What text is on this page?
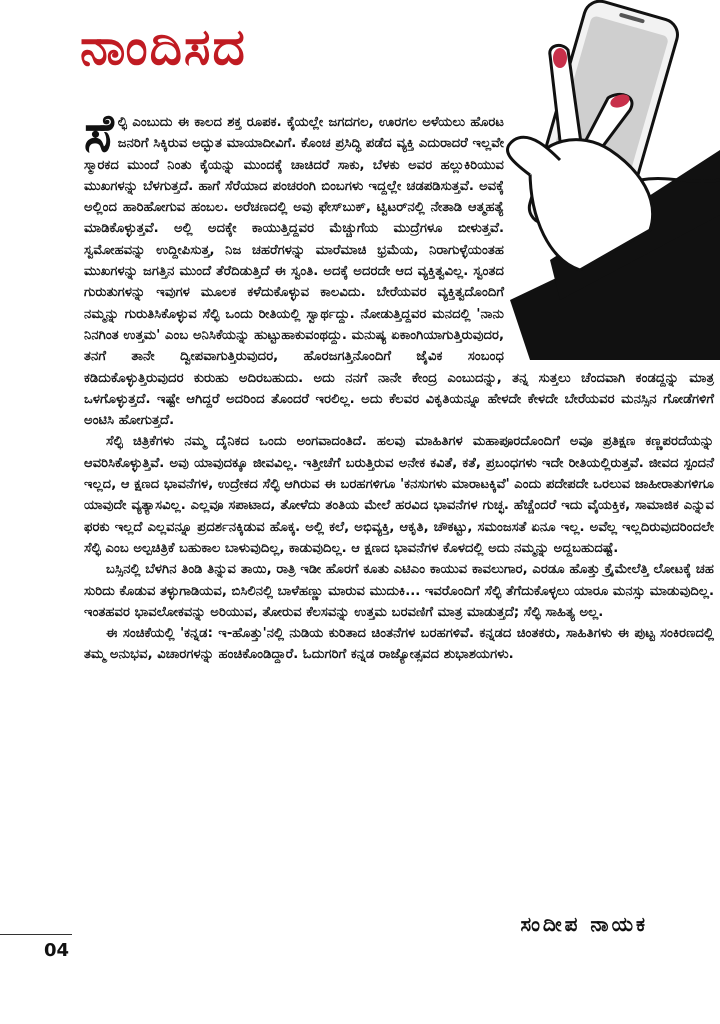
ನಾಂದಿಸದ

ಸೆಲ್ಫಿ ಎಂಬುದು ಈ ಕಾಲದ ಶಕ್ತ ರೂಪಕ. ಕೈಯಲ್ಲೇ ಜಗದಗಲ, ಊರಗಲ ಅಳೆಯಲು ಹೊರಟ ಜನರಿಗೆ ಸಿಕ್ಕಿರುವ ಅದ್ಭುತ ಮಾಯಾದೀವಿಗೆ. ಕೊಂಚ ಪ್ರಸಿದ್ಧಿ ಪಡೆದ ವ್ಯಕ್ತಿ ಎದುರಾದರೆ ಇಲ್ಲವೇ ಸ್ಮಾರಕದ ಮುಂದೆ ನಿಂತು ಕೈಯನ್ನು ಮುಂದಕ್ಕೆ ಚಾಚಿದರೆ ಸಾಕು, ಬೆಳಕು ಅವರ ಹಲ್ಲುಕಿರಿಯುವ ಮುಖಗಳನ್ನು ಬೆಳಗುತ್ತದೆ. ಹಾಗೆ ಸೆರೆಯಾದ ಪಂಚರಂಗಿ ಬಿಂಬಗಳು ಇದ್ದಲ್ಲೇ ಚಡಪಡಿಸುತ್ತವೆ. ಅವಕ್ಕೆ ಅಲ್ಲಿಂದ ಹಾರಿಹೋಗುವ ಹಂಬಲ. ಅರೆಚಣದಲ್ಲಿ ಅವು ಫೇಸ್‌ಬುಕ್, ಟ್ವಿಟರ್‌ನಲ್ಲಿ ನೇತಾಡಿ ಆತ್ಮಹತ್ಯೆ ಮಾಡಿಕೊಳ್ಳುತ್ತವೆ. ಅಲ್ಲಿ ಅದಕ್ಕೇ ಕಾಯುತ್ತಿದ್ದವರ ಮೆಚ್ಚುಗೆಯ ಮುದ್ರೆಗಳೂ ಬೀಳುತ್ತವೆ. ಸ್ವಮೋಹವನ್ನು ಉದ್ದೀಪಿಸುತ್ತ, ನಿಜ ಚಹರೆಗಳನ್ನು ಮಾರೆಮಾಚಿ ಭ್ರಮೆಯ, ನಿರಾಗುಳ್ಳೆಯಂತಹ ಮುಖಗಳನ್ನು ಜಗತ್ತಿನ ಮುಂದೆ ತೆರೆದಿಡುತ್ತಿದೆ ಈ ಸ್ವಂತಿ. ಅದಕ್ಕೆ ಅದರದೇ ಆದ ವ್ಯಕ್ತಿತ್ವವಿಲ್ಲ. ಸ್ವಂತದ ಗುರುತುಗಳನ್ನು ಇವುಗಳ ಮೂಲಕ ಕಳೆದುಕೊಳ್ಳುವ ಕಾಲವಿದು. ಬೇರೆಯವರ ವ್ಯಕ್ತಿತ್ವದೊಂದಿಗೆ ನಮ್ಮನ್ನು ಗುರುತಿಸಿಕೊಳ್ಳುವ ಸೆಲ್ಫಿ ಒಂದು ರೀತಿಯಲ್ಲಿ ಸ್ವಾರ್ಥದ್ದು. ನೋಡುತ್ತಿದ್ದವರ ಮನದಲ್ಲಿ 'ನಾನು ನಿನಗಿಂತ ಉತ್ತಮ' ಎಂಬ ಅನಿಸಿಕೆಯನ್ನು ಹುಟ್ಟುಹಾಕುವಂಥದ್ದು. ಮನುಷ್ಯ ಏಕಾಂಗಿಯಾಗುತ್ತಿರುವುದರ, ತನಗೆ ತಾನೇ ದ್ವೀಪವಾಗುತ್ತಿರುವುದರ, ಹೊರಜಗತ್ತಿನೊಂದಿಗೆ ಜೈವಿಕ ಸಂಬಂಧ ಕಡಿದುಕೊಳ್ಳುತ್ತಿರುವುದರ ಕುರುಹು ಅದಿರಬಹುದು. ಅದು ನನಗೆ ನಾನೇ ಕೇಂದ್ರ ಎಂಬುದನ್ನು, ತನ್ನ ಸುತ್ತಲು ಚೆಂದವಾಗಿ ಕಂಡದ್ದನ್ನು ಮಾತ್ರ ಒಳಗೊಳ್ಳುತ್ತದೆ. ಇಷ್ಟೇ ಆಗಿದ್ದರೆ ಅದರಿಂದ ತೊಂದರೆ ಇರಲಿಲ್ಲ. ಅದು ಕೆಲವರ ವಿಕೃತಿಯನ್ನೂ ಹೇಳದೇ ಕೇಳದೇ ಬೇರೆಯವರ ಮನಸ್ಸಿನ ಗೋಡೆಗಳಿಗೆ ಅಂಟಿಸಿ ಹೋಗುತ್ತದೆ.

ಸೆಲ್ಫಿ ಚಿತ್ರಿಕೆಗಳು ನಮ್ಮ ದೈನಿಕದ ಒಂದು ಅಂಗವಾದಂತಿದೆ. ಹಲವು ಮಾಹಿತಿಗಳ ಮಹಾಪೂರದೊಂದಿಗೆ ಅವೂ ಪ್ರತಿಕ್ಷಣ ಕಣ್ಣಪರದೆಯನ್ನು ಆವರಿಸಿಕೊಳ್ಳುತ್ತಿವೆ. ಅವು ಯಾವುದಕ್ಕೂ ಜೀವವಿಲ್ಲ. ಇತ್ತೀಚೆಗೆ ಬರುತ್ತಿರುವ ಅನೇಕ ಕವಿತೆ, ಕತೆ, ಪ್ರಬಂಧಗಳು ಇದೇ ರೀತಿಯಲ್ಲಿರುತ್ತವೆ. ಜೀವದ ಸ್ಪಂದನೆ ಇಲ್ಲದ, ಆ ಕ್ಷಣದ ಭಾವನೆಗಳ, ಉದ್ರೇಕದ ಸೆಲ್ಫಿ ಆಗಿರುವ ಈ ಬರಹಗಳಿಗೂ 'ಕನಸುಗಳು ಮಾರಾಟಕ್ಕಿವೆ' ಎಂದು ಪದೇಪದೇ ಒರಲುವ ಜಾಹೀರಾತುಗಳಿಗೂ ಯಾವುದೇ ವ್ಯತ್ಯಾಸವಿಲ್ಲ. ಎಲ್ಲವೂ ಸಪಾಟಾದ, ತೋಳೆದು ತಂತಿಯ ಮೇಲೆ ಹರವಿದ ಭಾವನೆಗಳ ಗುಚ್ಛ. ಹೆಚ್ಚೆಂದರೆ ಇದು ವೈಯಕ್ತಿಕ, ಸಾಮಾಜಿಕ ಎನ್ನುವ ಫರಕು ಇಲ್ಲದೆ ಎಲ್ಲವನ್ನೂ ಪ್ರದರ್ಶನಕ್ಕಿಡುವ ಹೊಕ್ಕ. ಅಲ್ಲಿ ಕಲೆ, ಅಭಿವ್ಯಕ್ತಿ, ಆಕೃತಿ, ಚೌಕಟ್ಟು, ಸಮಂಜಸತೆ ಏನೂ ಇಲ್ಲ. ಅವೆಲ್ಲ ಇಲ್ಲದಿರುವುದರಿಂದಲೇ ಸೆಲ್ಫಿ ಎಂಬ ಅಲ್ಪಚಿತ್ರಿಕೆ ಬಹುಕಾಲ ಬಾಳುವುದಿಲ್ಲ, ಕಾಡುವುದಿಲ್ಲ. ಆ ಕ್ಷಣದ ಭಾವನೆಗಳ ಕೊಳದಲ್ಲಿ ಅದು ನಮ್ಮನ್ನು ಅದ್ದಬಹುದಷ್ಟೆ.

ಬಸ್ಸಿನಲ್ಲಿ ಬೆಳಗಿನ ತಿಂಡಿ ತಿನ್ನುವ ತಾಯಿ, ರಾತ್ರಿ ಇಡೀ ಹೊರಗೆ ಕೂತು ಎಟಿಎಂ ಕಾಯುವ ಕಾವಲುಗಾರ, ಎರಡೂ ಹೊತ್ತು ಕ್ರೈಮೇಲೆತ್ತಿ ಲೋಟಕ್ಕೆ ಚಹ ಸುರಿದು ಕೊಡುವ ತಳ್ಳುಗಾಡಿಯವ, ಬಿಸಿಲಿನಲ್ಲಿ ಬಾಳೆಹಣ್ಣು ಮಾರುವ ಮುದುಕಿ... ಇವರೊಂದಿಗೆ ಸೆಲ್ಫಿ ತೆಗೆದುಕೊಳ್ಳಲು ಯಾರೂ ಮನಸ್ಸು ಮಾಡುವುದಿಲ್ಲ. ಇಂತಹವರ ಭಾವಲೋಕವನ್ನು ಅರಿಯುವ, ತೋರುವ ಕೆಲಸವನ್ನು ಉತ್ತಮ ಬರವಣಿಗೆ ಮಾತ್ರ ಮಾಡುತ್ತದೆ; ಸೆಲ್ಫಿ ಸಾಹಿತ್ಯ ಅಲ್ಲ.

ಈ ಸಂಚಿಕೆಯಲ್ಲಿ 'ಕನ್ನಡ: ಇ-ಹೊತ್ತು'ನಲ್ಲಿ ನುಡಿಯ ಕುರಿತಾದ ಚಿಂತನೆಗಳ ಬರಹಗಳಿವೆ. ಕನ್ನಡದ ಚಿಂತಕರು, ಸಾಹಿತಿಗಳು ಈ ಪುಟ್ಟ ಸಂಕಿರಣದಲ್ಲಿ ತಮ್ಮ ಅನುಭವ, ವಿಚಾರಗಳನ್ನು ಹಂಚಿಕೊಂಡಿದ್ದಾರೆ. ಓದುಗರಿಗೆ ಕನ್ನಡ ರಾಜ್ಯೋತ್ಸವದ ಶುಭಾಶಯಗಳು.

ಸಂದೀಪ ನಾಯಕ
04
